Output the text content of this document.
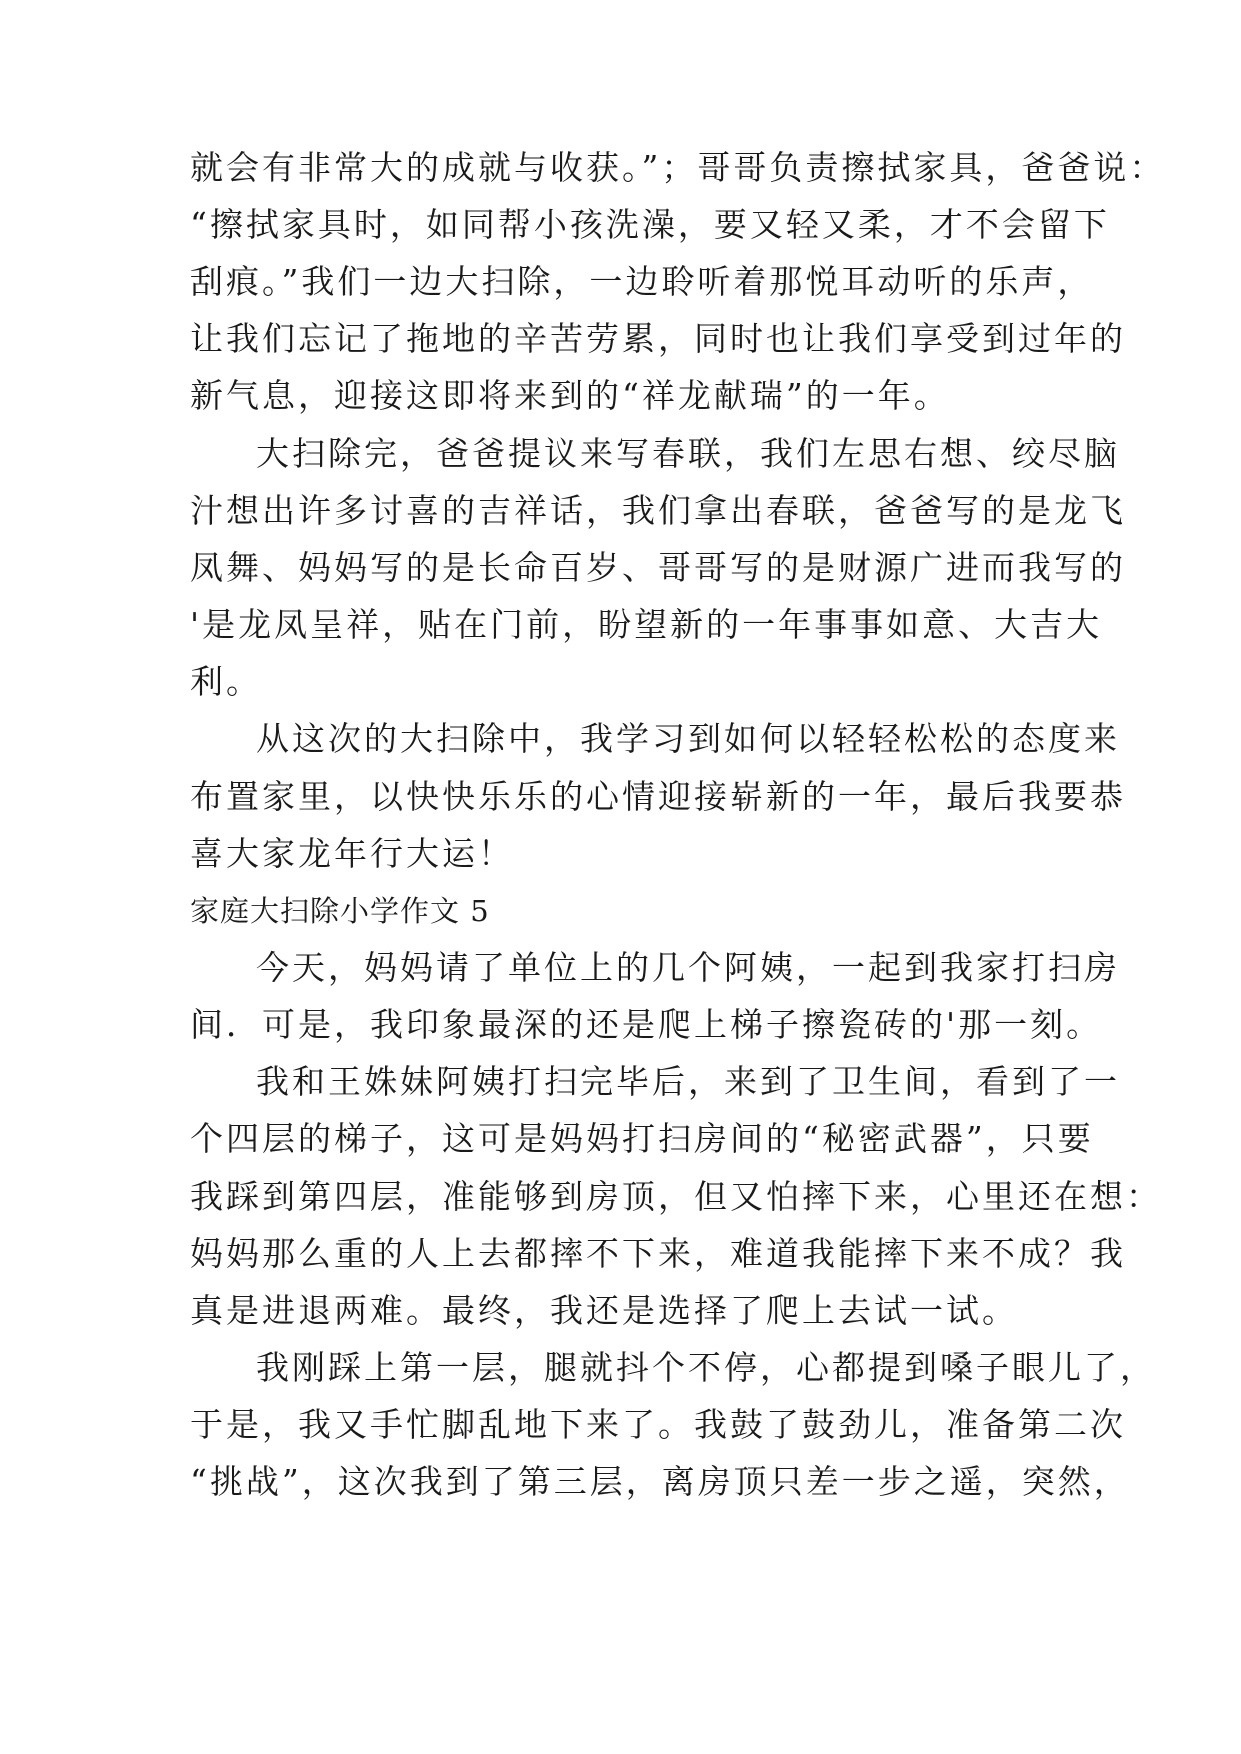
就会有非常大的成就与收获。”；哥哥负责擦拭家具，爸爸说：

“擦拭家具时，如同帮小孩洗澡，要又轻又柔，才不会留下

刮痕。”我们一边大扫除，一边聆听着那悦耳动听的乐声，

让我们忘记了拖地的辛苦劳累，同时也让我们享受到过年的

新气息，迎接这即将来到的“祥龙献瑞”的一年。

大扫除完，爸爸提议来写春联，我们左思右想、绞尽脑

汁想出许多讨喜的吉祥话，我们拿出春联，爸爸写的是龙飞

凤舞、妈妈写的是长命百岁、哥哥写的是财源广进而我写的

'是龙凤呈祥，贴在门前，盼望新的一年事事如意、大吉大

利。

从这次的大扫除中，我学习到如何以轻轻松松的态度来

布置家里，以快快乐乐的心情迎接崭新的一年，最后我要恭

喜大家龙年行大运！

家庭大扫除小学作文 5

今天，妈妈请了单位上的几个阿姨，一起到我家打扫房

间．可是，我印象最深的还是爬上梯子擦瓷砖的'那一刻。

我和王姝妹阿姨打扫完毕后，来到了卫生间，看到了一

个四层的梯子，这可是妈妈打扫房间的“秘密武器”，只要

我踩到第四层，准能够到房顶，但又怕摔下来，心里还在想：

妈妈那么重的人上去都摔不下来，难道我能摔下来不成？我

真是进退两难。最终，我还是选择了爬上去试一试。

我刚踩上第一层，腿就抖个不停，心都提到嗓子眼儿了，

于是，我又手忙脚乱地下来了。我鼓了鼓劲儿，准备第二次

“挑战”，这次我到了第三层，离房顶只差一步之遥，突然，
